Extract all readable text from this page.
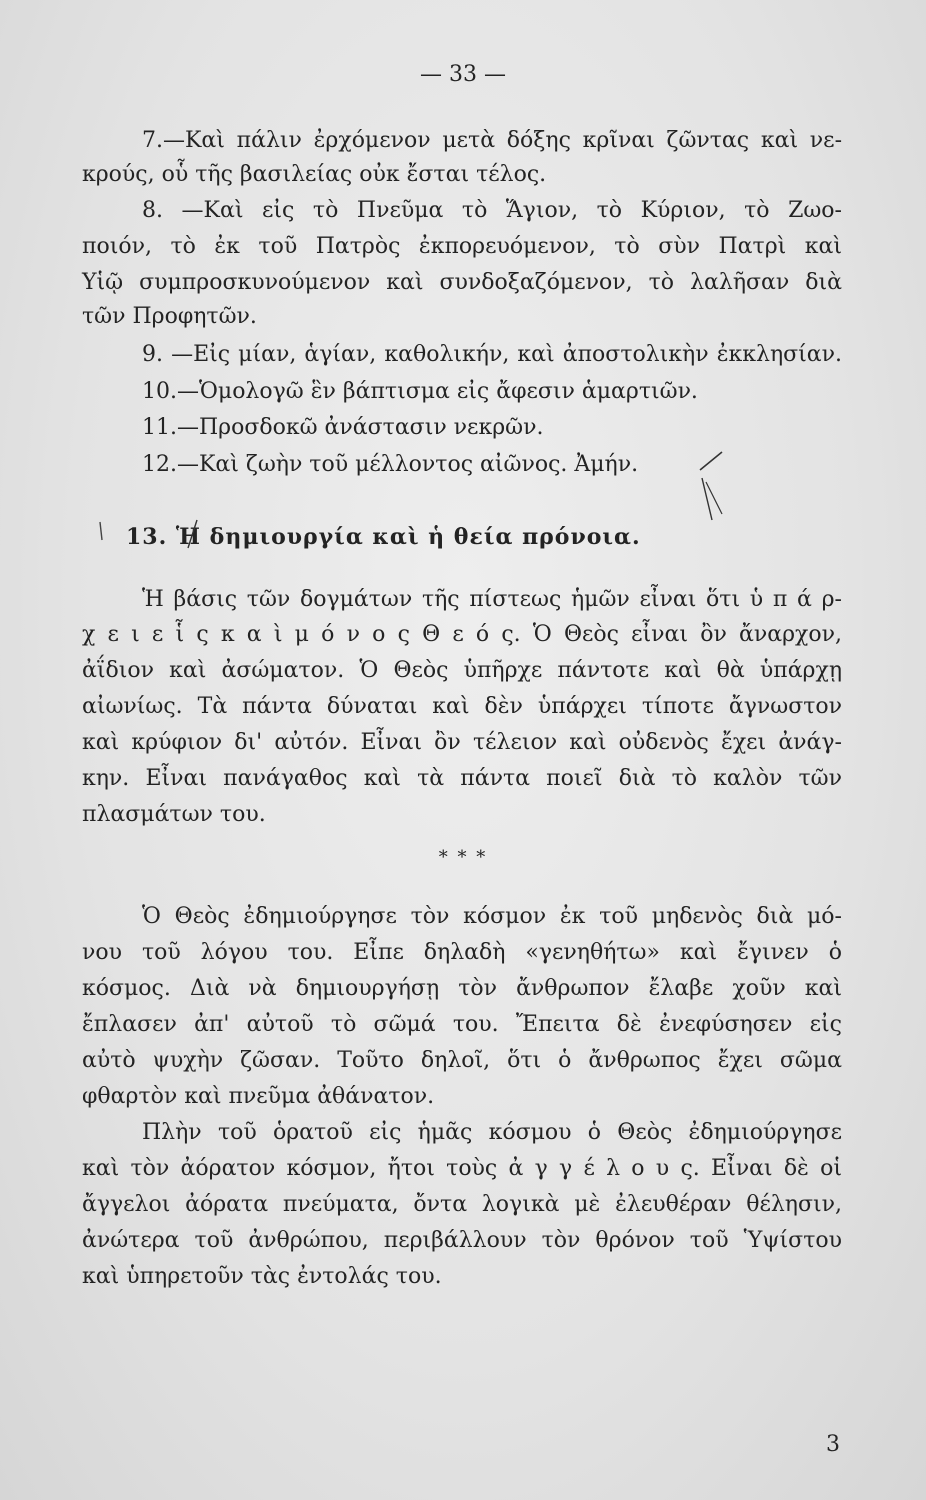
— 33 —
7.—Καὶ πάλιν ἐρχόμενον μετὰ δόξης κρῖναι ζῶντας καὶ νε-
κρούς, οὗ τῆς βασιλείας οὐκ ἔσται τέλος.
8. —Καὶ εἰς τὸ Πνεῦμα τὸ Ἅγιον, τὸ Κύριον, τὸ Ζωο-
ποιόν, τὸ ἐκ τοῦ Πατρὸς ἐκπορευόμενον, τὸ σὺν Πατρὶ καὶ
Υἱῷ συμπροσκυνούμενον καὶ συνδοξαζόμενον, τὸ λαλῆσαν διὰ
τῶν Προφητῶν.
9. —Εἰς μίαν, ἁγίαν, καθολικήν, καὶ ἀποστολικὴν ἐκκλησίαν.
10.—Ὁμολογῶ ἓν βάπτισμα εἰς ἄφεσιν ἁμαρτιῶν.
11.—Προσδοκῶ ἀνάστασιν νεκρῶν.
12.—Καὶ ζωὴν τοῦ μέλλοντος αἰῶνος. Ἀμήν.
13. Ἡ δημιουργία καὶ ἡ θεία πρόνοια.
Ἡ βάσις τῶν δογμάτων τῆς πίστεως ἡμῶν εἶναι ὅτι ὑ π ά ρ-
χ ε ι ε ἷ ς κ α ὶ μ ό ν ο ς Θ ε ό ς. Ὁ Θεὸς εἶναι ὂν ἄναρχον,
ἀΐδιον καὶ ἀσώματον. Ὁ Θεὸς ὑπῆρχε πάντοτε καὶ θὰ ὑπάρχῃ
αἰωνίως. Τὰ πάντα δύναται καὶ δὲν ὑπάρχει τίποτε ἄγνωστον
καὶ κρύφιον δι' αὐτόν. Εἶναι ὂν τέλειον καὶ οὐδενὸς ἔχει ἀνάγ-
κην. Εἶναι πανάγαθος καὶ τὰ πάντα ποιεῖ διὰ τὸ καλὸν τῶν
πλασμάτων του.
* * *
Ὁ Θεὸς ἐδημιούργησε τὸν κόσμον ἐκ τοῦ μηδενὸς διὰ μό-
νου τοῦ λόγου του. Εἶπε δηλαδὴ «γενηθήτω» καὶ ἔγινεν ὁ
κόσμος. Διὰ νὰ δημιουργήσῃ τὸν ἄνθρωπον ἔλαβε χοῦν καὶ
ἔπλασεν ἀπ' αὐτοῦ τὸ σῶμά του. Ἔπειτα δὲ ἐνεφύσησεν εἰς
αὐτὸ ψυχὴν ζῶσαν. Τοῦτο δηλοῖ, ὅτι ὁ ἄνθρωπος ἔχει σῶμα
φθαρτὸν καὶ πνεῦμα ἀθάνατον.
Πλὴν τοῦ ὁρατοῦ εἰς ἡμᾶς κόσμου ὁ Θεὸς ἐδημιούργησε
καὶ τὸν ἀόρατον κόσμον, ἤτοι τοὺς ἀ γ γ έ λ ο υ ς. Εἶναι δὲ οἱ
ἄγγελοι ἀόρατα πνεύματα, ὄντα λογικὰ μὲ ἐλευθέραν θέλησιν,
ἀνώτερα τοῦ ἀνθρώπου, περιβάλλουν τὸν θρόνον τοῦ Ὑψίστου
καὶ ὑπηρετοῦν τὰς ἐντολάς του.
3
